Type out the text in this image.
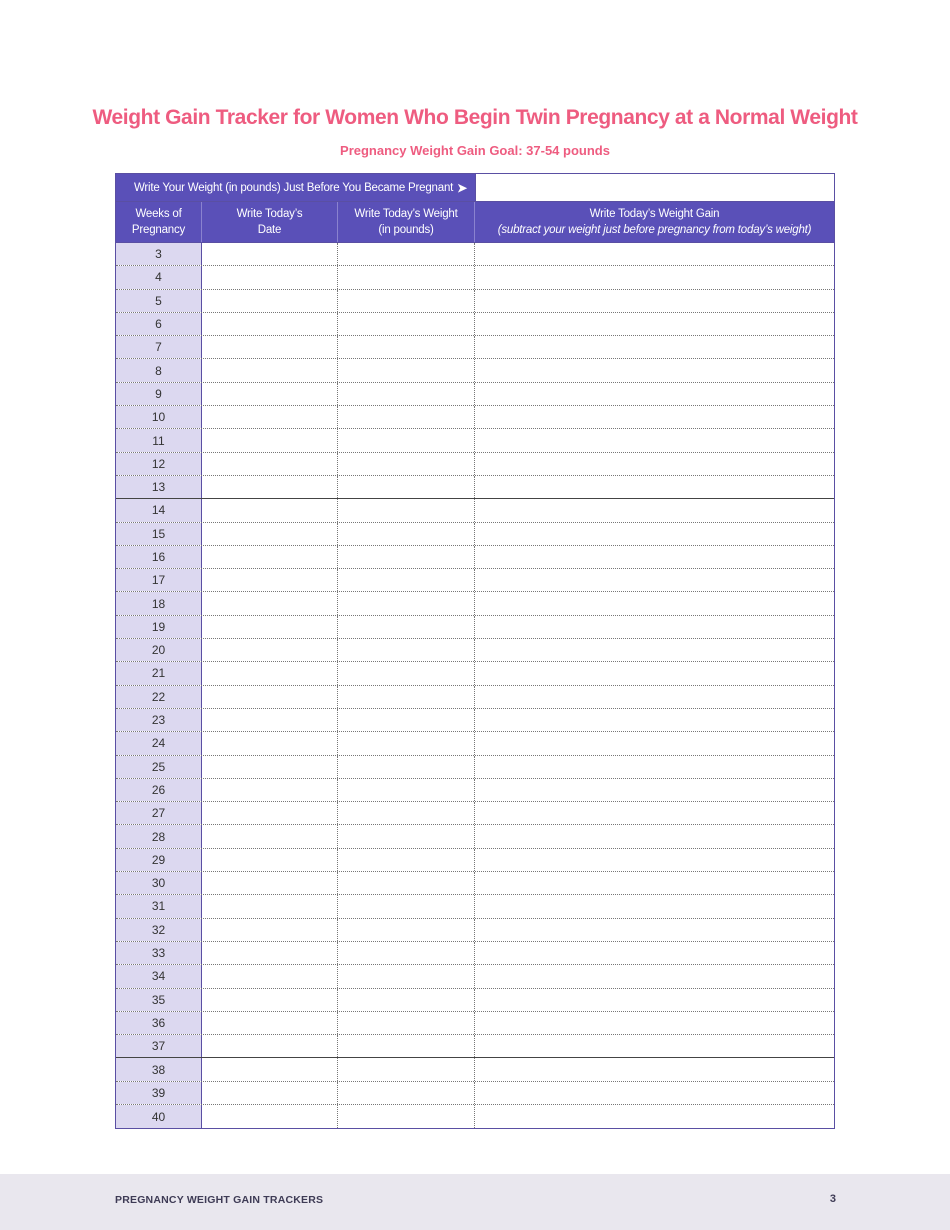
Weight Gain Tracker for Women Who Begin Twin Pregnancy at a Normal Weight
Pregnancy Weight Gain Goal: 37-54 pounds
Write Your Weight (in pounds) Just Before You Became Pregnant ➤
Weeks of
Pregnancy
Write Today’s
Date
Write Today’s Weight
(in pounds)
Write Today’s Weight Gain
(subtract your weight just before pregnancy from today’s weight)
3
4
5
6
7
8
9
10
11
12
13
14
15
16
17
18
19
20
21
22
23
24
25
26
27
28
29
30
31
32
33
34
35
36
37
38
39
40
PREGNANCY WEIGHT GAIN TRACKERS	3
